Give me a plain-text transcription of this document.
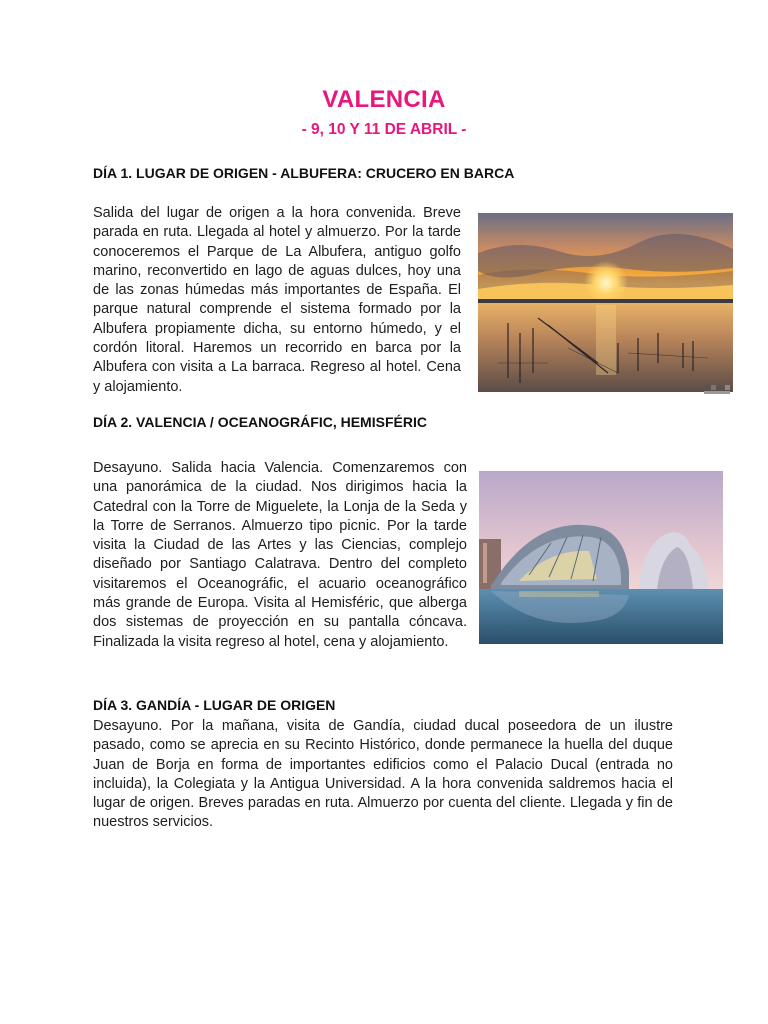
VALENCIA
- 9, 10 Y 11 DE ABRIL -
DÍA 1. LUGAR DE ORIGEN - ALBUFERA: CRUCERO EN BARCA

Salida del lugar de origen a la hora convenida. Breve parada en ruta. Llegada al hotel y almuerzo. Por la tarde conoceremos el Parque de La Albufera, antiguo golfo marino, reconvertido en lago de aguas dulces, hoy una de las zonas húmedas más importantes de España. El parque natural comprende el sistema formado por la Albufera propiamente dicha, su entorno húmedo, y el cordón litoral. Haremos un recorrido en barca por la Albufera con visita a La barraca. Regreso al hotel. Cena y alojamiento.

DÍA 2. VALENCIA / OCEANOGRÁFIC, HEMISFÉRIC

Desayuno. Salida hacia Valencia. Comenzaremos con una panorámica de la ciudad. Nos dirigimos hacia la Catedral con la Torre de Miguelete, la Lonja de la Seda y la Torre de Serranos. Almuerzo tipo picnic. Por la tarde visita la Ciudad de las Artes y las Ciencias, complejo diseñado por Santiago Calatrava. Dentro del completo visitaremos el Oceanográfic, el acuario oceanográfico más grande de Europa. Visita al Hemisféric, que alberga dos sistemas de proyección en su pantalla cóncava. Finalizada la visita regreso al hotel, cena y alojamiento.

DÍA 3. GANDÍA - LUGAR DE ORIGEN

Desayuno. Por la mañana, visita de Gandía, ciudad ducal poseedora de un ilustre pasado, como se aprecia en su Recinto Histórico, donde permanece la huella del duque Juan de Borja en forma de importantes edificios como el Palacio Ducal (entrada no incluida), la Colegiata y la Antigua Universidad. A la hora convenida saldremos hacia el lugar de origen. Breves paradas en ruta. Almuerzo por cuenta del cliente. Llegada y fin de nuestros servicios.
